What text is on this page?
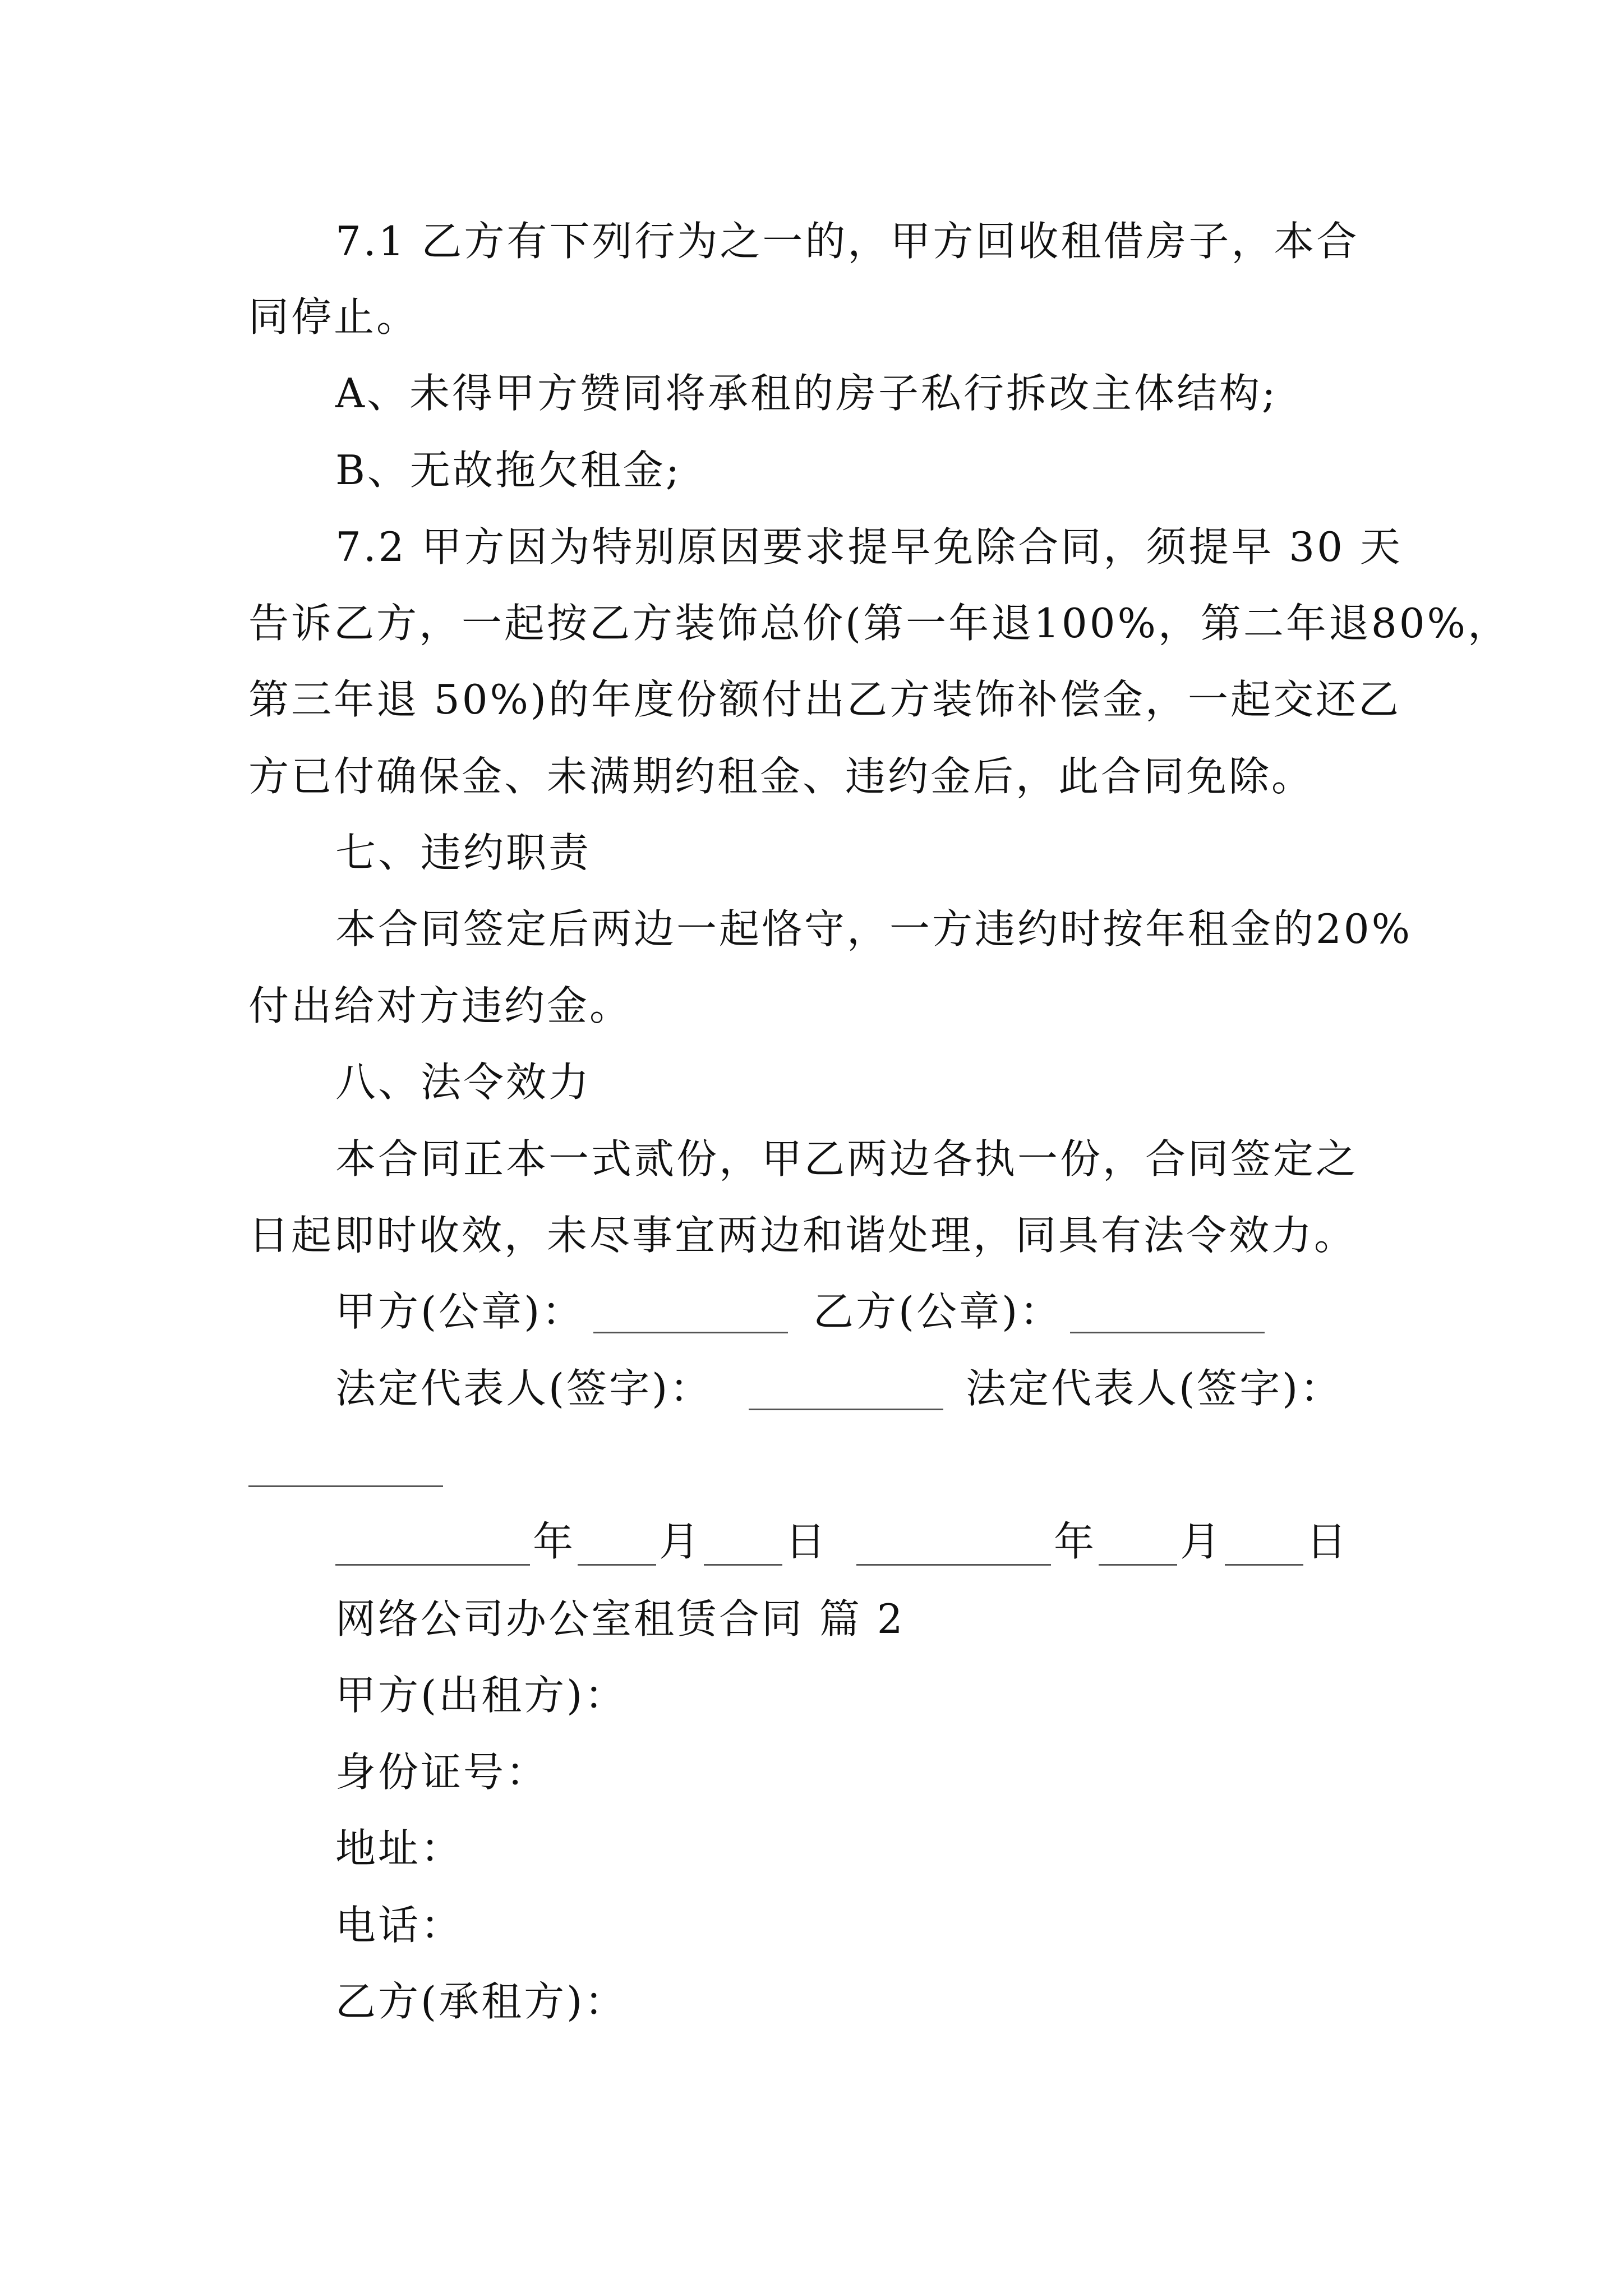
7.1 乙方有下列行为之一的，甲方回收租借房子，本合
同停止。
A、未得甲方赞同将承租的房子私行拆改主体结构;
B、无故拖欠租金;
7.2 甲方因为特别原因要求提早免除合同，须提早 30 天
告诉乙方，一起按乙方装饰总价(第一年退100%，第二年退80%，
第三年退 50%)的年度份额付出乙方装饰补偿金，一起交还乙
方已付确保金、未满期约租金、违约金后，此合同免除。
七、违约职责
本合同签定后两边一起恪守，一方违约时按年租金的20%
付出给对方违约金。
八、法令效力
本合同正本一式贰份，甲乙两边各执一份，合同签定之
日起即时收效，未尽事宜两边和谐处理，同具有法令效力。
甲方(公章)：	乙方(公章)：
法定代表人(签字)：	法定代表人(签字)：
年 月 日	年 月 日
网络公司办公室租赁合同 篇 2
甲方(出租方)：
身份证号：
地址：
电话：
乙方(承租方)：
